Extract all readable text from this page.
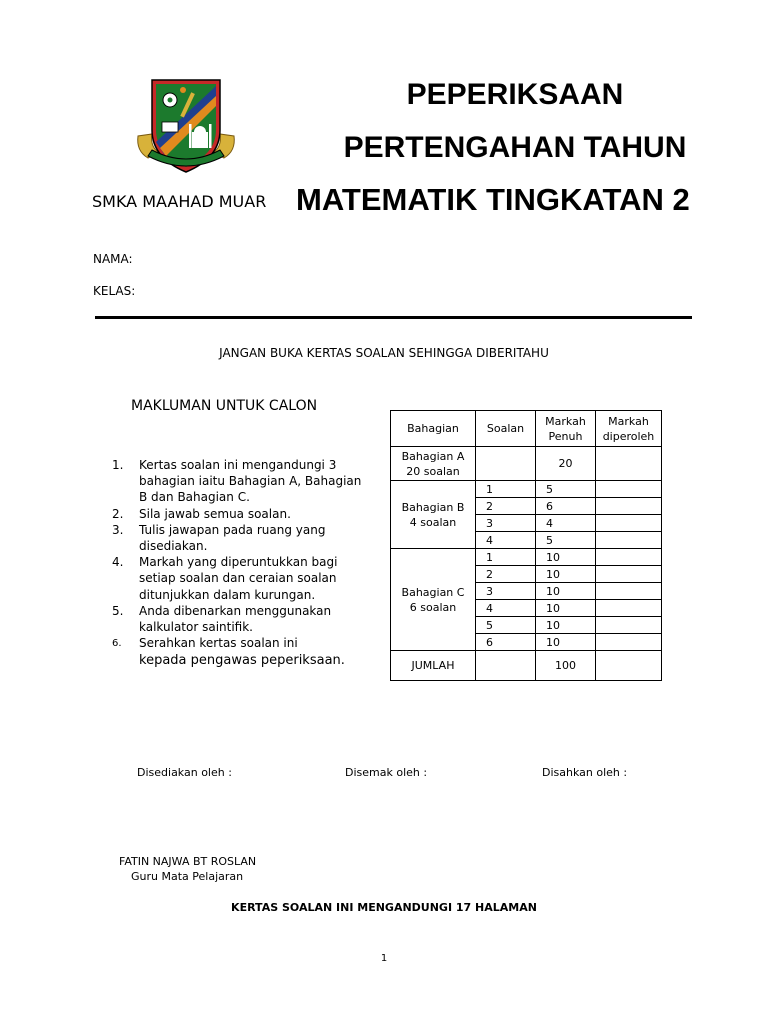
PEPERIKSAAN
PERTENGAHAN TAHUN
MATEMATIK TINGKATAN 2
SMKA MAAHAD MUAR
NAMA:
KELAS:
JANGAN BUKA KERTAS SOALAN SEHINGGA DIBERITAHU
MAKLUMAN UNTUK CALON

1.	Kertas soalan ini mengandungi 3 bahagian iaitu Bahagian A, Bahagian B dan Bahagian C.

2.	Sila jawab semua soalan.

3.	Tulis jawapan pada ruang yang disediakan.

4.	Markah yang diperuntukkan bagi setiap soalan dan ceraian soalan ditunjukkan dalam kurungan.

5.	Anda dibenarkan menggunakan kalkulator saintifik.

6.	Serahkan kertas soalan ini
kepada pengawas peperiksaan.

Bahagian	Soalan	Markah Penuh	Markah diperoleh
Bahagian A
20 soalan		20	
Bahagian B
4 soalan	1	5	
	2	6	
	3	4	
	4	5	
Bahagian C
6 soalan	1	10	
	2	10	
	3	10	
	4	10	
	5	10	
	6	10	
JUMLAH		100	
Disediakan oleh :	Disemak oleh :	Disahkan oleh :
FATIN NAJWA BT ROSLAN
Guru Mata Pelajaran
KERTAS SOALAN INI MENGANDUNGI 17 HALAMAN
1
